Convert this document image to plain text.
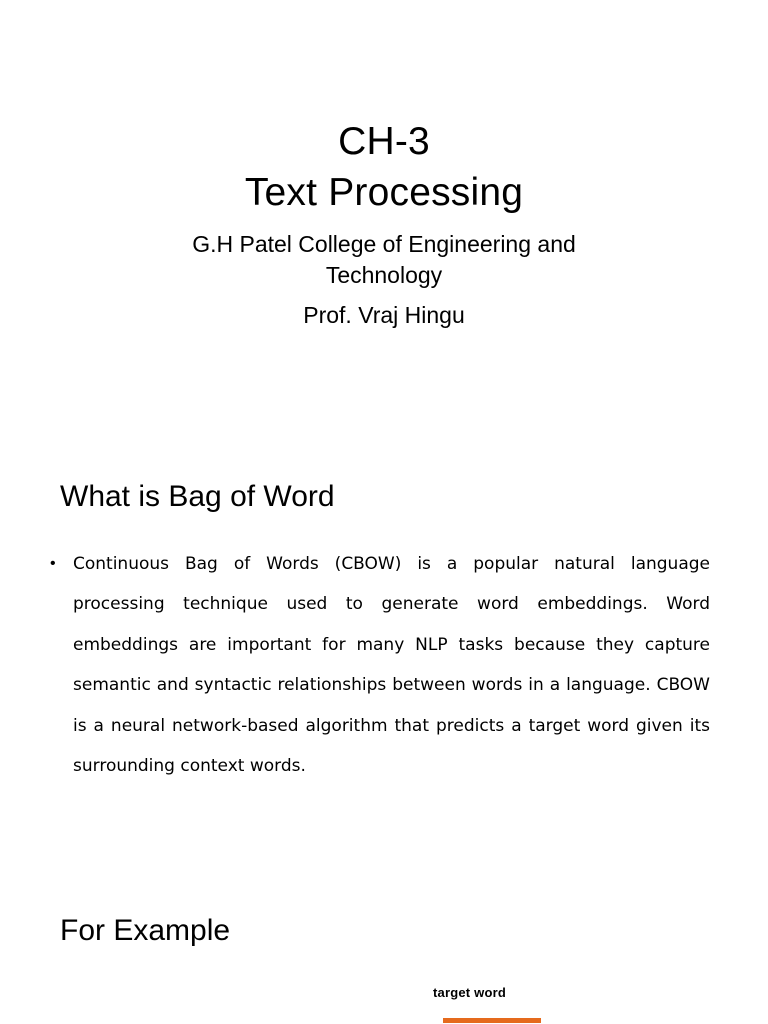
CH-3
Text Processing
G.H Patel College of Engineering and Technology
Prof. Vraj Hingu
What is Bag of Word
• Continuous Bag of Words (CBOW) is a popular natural language processing technique used to generate word embeddings. Word embeddings are important for many NLP tasks because they capture semantic and syntactic relationships between words in a language. CBOW is a neural network-based algorithm that predicts a target word given its surrounding context words.
For Example
target word
